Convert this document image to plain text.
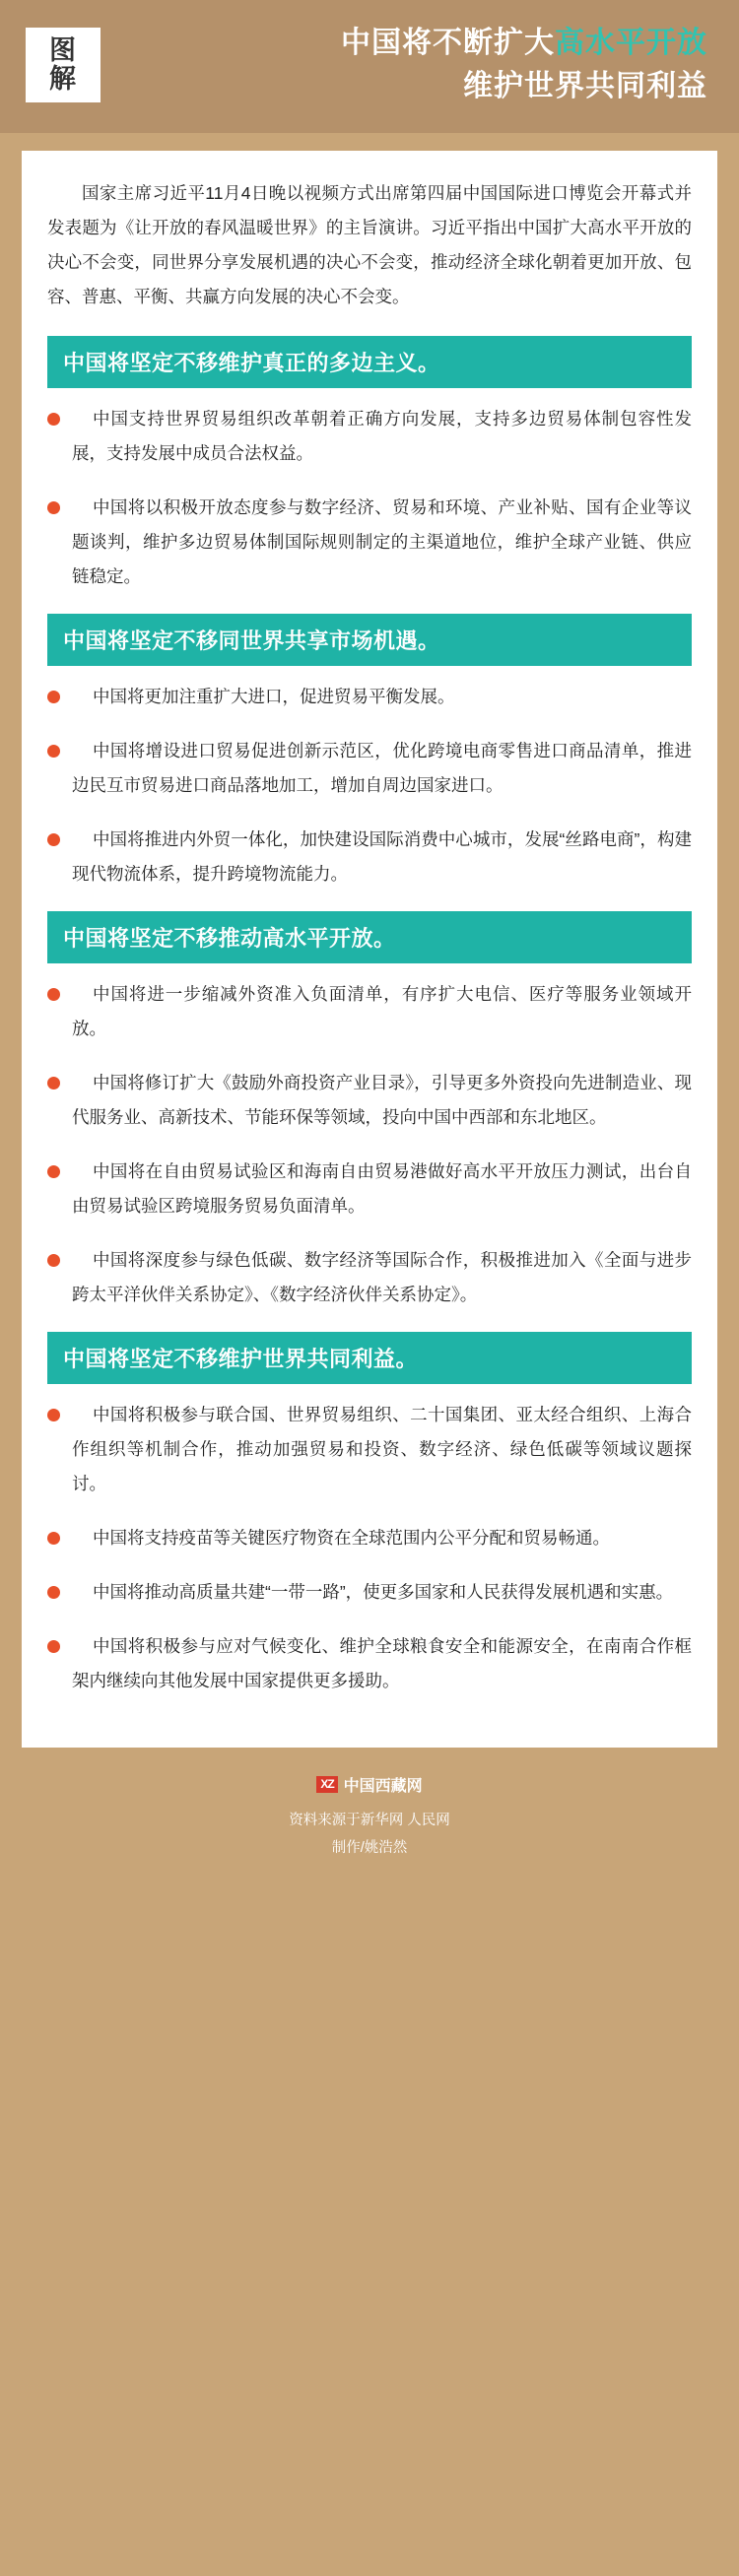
图
解
中国将不断扩大高水平开放
维护世界共同利益

国家主席习近平11月4日晚以视频方式出席第四届中国国际进口博览会开幕式并发表题为《让开放的春风温暖世界》的主旨演讲。习近平指出中国扩大高水平开放的决心不会变，同世界分享发展机遇的决心不会变，推动经济全球化朝着更加开放、包容、普惠、平衡、共赢方向发展的决心不会变。

中国将坚定不移维护真正的多边主义。
中国支持世界贸易组织改革朝着正确方向发展，支持多边贸易体制包容性发展，支持发展中成员合法权益。
中国将以积极开放态度参与数字经济、贸易和环境、产业补贴、国有企业等议题谈判，维护多边贸易体制国际规则制定的主渠道地位，维护全球产业链、供应链稳定。
中国将坚定不移同世界共享市场机遇。
中国将更加注重扩大进口，促进贸易平衡发展。
中国将增设进口贸易促进创新示范区，优化跨境电商零售进口商品清单，推进边民互市贸易进口商品落地加工，增加自周边国家进口。
中国将推进内外贸一体化，加快建设国际消费中心城市，发展“丝路电商”，构建现代物流体系，提升跨境物流能力。
中国将坚定不移推动高水平开放。
中国将进一步缩减外资准入负面清单，有序扩大电信、医疗等服务业领域开放。
中国将修订扩大《鼓励外商投资产业目录》，引导更多外资投向先进制造业、现代服务业、高新技术、节能环保等领域，投向中国中西部和东北地区。
中国将在自由贸易试验区和海南自由贸易港做好高水平开放压力测试，出台自由贸易试验区跨境服务贸易负面清单。
中国将深度参与绿色低碳、数字经济等国际合作，积极推进加入《全面与进步跨太平洋伙伴关系协定》、《数字经济伙伴关系协定》。
中国将坚定不移维护世界共同利益。
中国将积极参与联合国、世界贸易组织、二十国集团、亚太经合组织、上海合作组织等机制合作，推动加强贸易和投资、数字经济、绿色低碳等领域议题探讨。
中国将支持疫苗等关键医疗物资在全球范围内公平分配和贸易畅通。
中国将推动高质量共建“一带一路”，使更多国家和人民获得发展机遇和实惠。
中国将积极参与应对气候变化、维护全球粮食安全和能源安全，在南南合作框架内继续向其他发展中国家提供更多援助。
XZ 中国西藏网
资料来源于新华网 人民网
制作/姚浩然
